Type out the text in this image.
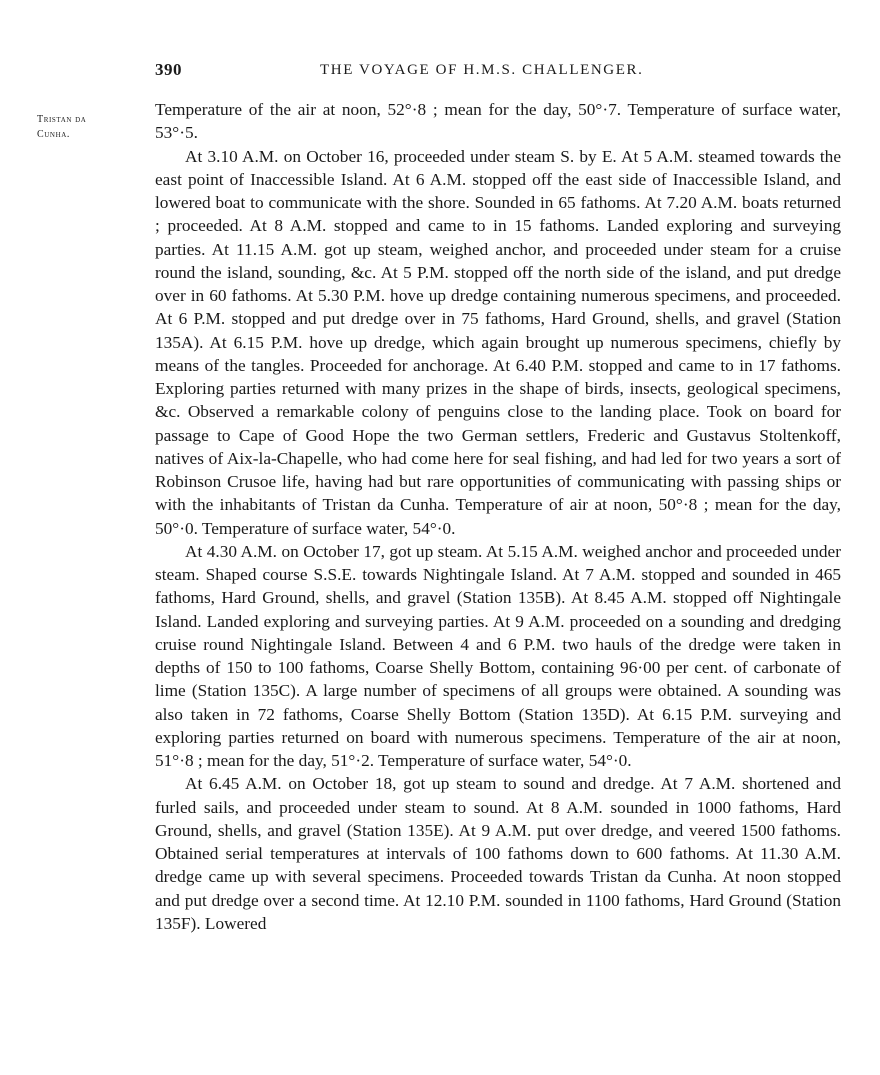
390	THE VOYAGE OF H.M.S. CHALLENGER.
Tristan da
Cunha.

Temperature of the air at noon, 52°·8 ; mean for the day, 50°·7. Temperature of surface water, 53°·5.

At 3.10 A.M. on October 16, proceeded under steam S. by E. At 5 A.M. steamed towards the east point of Inaccessible Island. At 6 A.M. stopped off the east side of Inaccessible Island, and lowered boat to communicate with the shore. Sounded in 65 fathoms. At 7.20 A.M. boats returned ; proceeded. At 8 A.M. stopped and came to in 15 fathoms. Landed exploring and surveying parties. At 11.15 A.M. got up steam, weighed anchor, and proceeded under steam for a cruise round the island, sounding, &c. At 5 P.M. stopped off the north side of the island, and put dredge over in 60 fathoms. At 5.30 P.M. hove up dredge containing numerous specimens, and proceeded. At 6 P.M. stopped and put dredge over in 75 fathoms, Hard Ground, shells, and gravel (Station 135A). At 6.15 P.M. hove up dredge, which again brought up numerous specimens, chiefly by means of the tangles. Proceeded for anchorage. At 6.40 P.M. stopped and came to in 17 fathoms. Exploring parties returned with many prizes in the shape of birds, insects, geological specimens, &c. Observed a remarkable colony of penguins close to the landing place. Took on board for passage to Cape of Good Hope the two German settlers, Frederic and Gustavus Stoltenkoff, natives of Aix-la-Chapelle, who had come here for seal fishing, and had led for two years a sort of Robinson Crusoe life, having had but rare opportunities of communicating with passing ships or with the inhabitants of Tristan da Cunha. Temperature of air at noon, 50°·8 ; mean for the day, 50°·0. Temperature of surface water, 54°·0.

At 4.30 A.M. on October 17, got up steam. At 5.15 A.M. weighed anchor and proceeded under steam. Shaped course S.S.E. towards Nightingale Island. At 7 A.M. stopped and sounded in 465 fathoms, Hard Ground, shells, and gravel (Station 135B). At 8.45 A.M. stopped off Nightingale Island. Landed exploring and surveying parties. At 9 A.M. proceeded on a sounding and dredging cruise round Nightingale Island. Between 4 and 6 P.M. two hauls of the dredge were taken in depths of 150 to 100 fathoms, Coarse Shelly Bottom, containing 96·00 per cent. of carbonate of lime (Station 135C). A large number of specimens of all groups were obtained. A sounding was also taken in 72 fathoms, Coarse Shelly Bottom (Station 135D). At 6.15 P.M. surveying and exploring parties returned on board with numerous specimens. Temperature of the air at noon, 51°·8 ; mean for the day, 51°·2. Temperature of surface water, 54°·0.

At 6.45 A.M. on October 18, got up steam to sound and dredge. At 7 A.M. shortened and furled sails, and proceeded under steam to sound. At 8 A.M. sounded in 1000 fathoms, Hard Ground, shells, and gravel (Station 135E). At 9 A.M. put over dredge, and veered 1500 fathoms. Obtained serial temperatures at intervals of 100 fathoms down to 600 fathoms. At 11.30 A.M. dredge came up with several specimens. Proceeded towards Tristan da Cunha. At noon stopped and put dredge over a second time. At 12.10 P.M. sounded in 1100 fathoms, Hard Ground (Station 135F). Lowered
